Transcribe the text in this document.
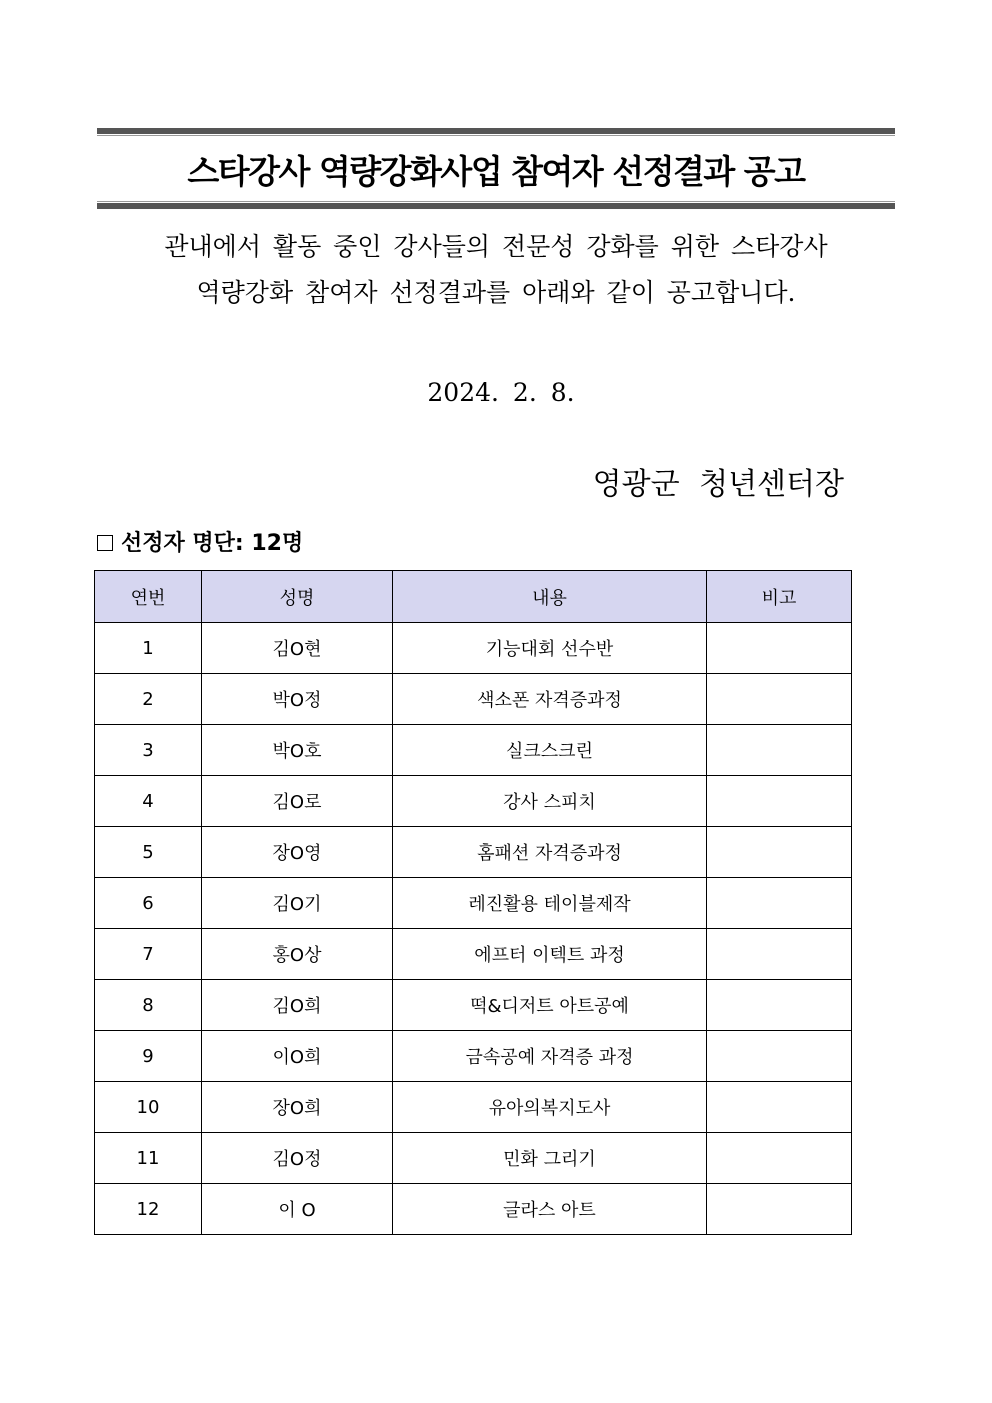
스타강사 역량강화사업 참여자 선정결과 공고
관내에서 활동 중인 강사들의 전문성 강화를 위한 스타강사
역량강화 참여자 선정결과를 아래와 같이 공고합니다.
2024. 2. 8.
영광군 청년센터장
선정자 명단: 12명
연번	성명	내용	비고
1	김O현	기능대회 선수반	
2	박O정	색소폰 자격증과정	
3	박O호	실크스크린	
4	김O로	강사 스피치	
5	장O영	홈패션 자격증과정	
6	김O기	레진활용 테이블제작	
7	홍O상	에프터 이텍트 과정	
8	김O희	떡&디저트 아트공예	
9	이O희	금속공예 자격증 과정	
10	장O희	유아의복지도사	
11	김O정	민화 그리기	
12	이 O	글라스 아트	
